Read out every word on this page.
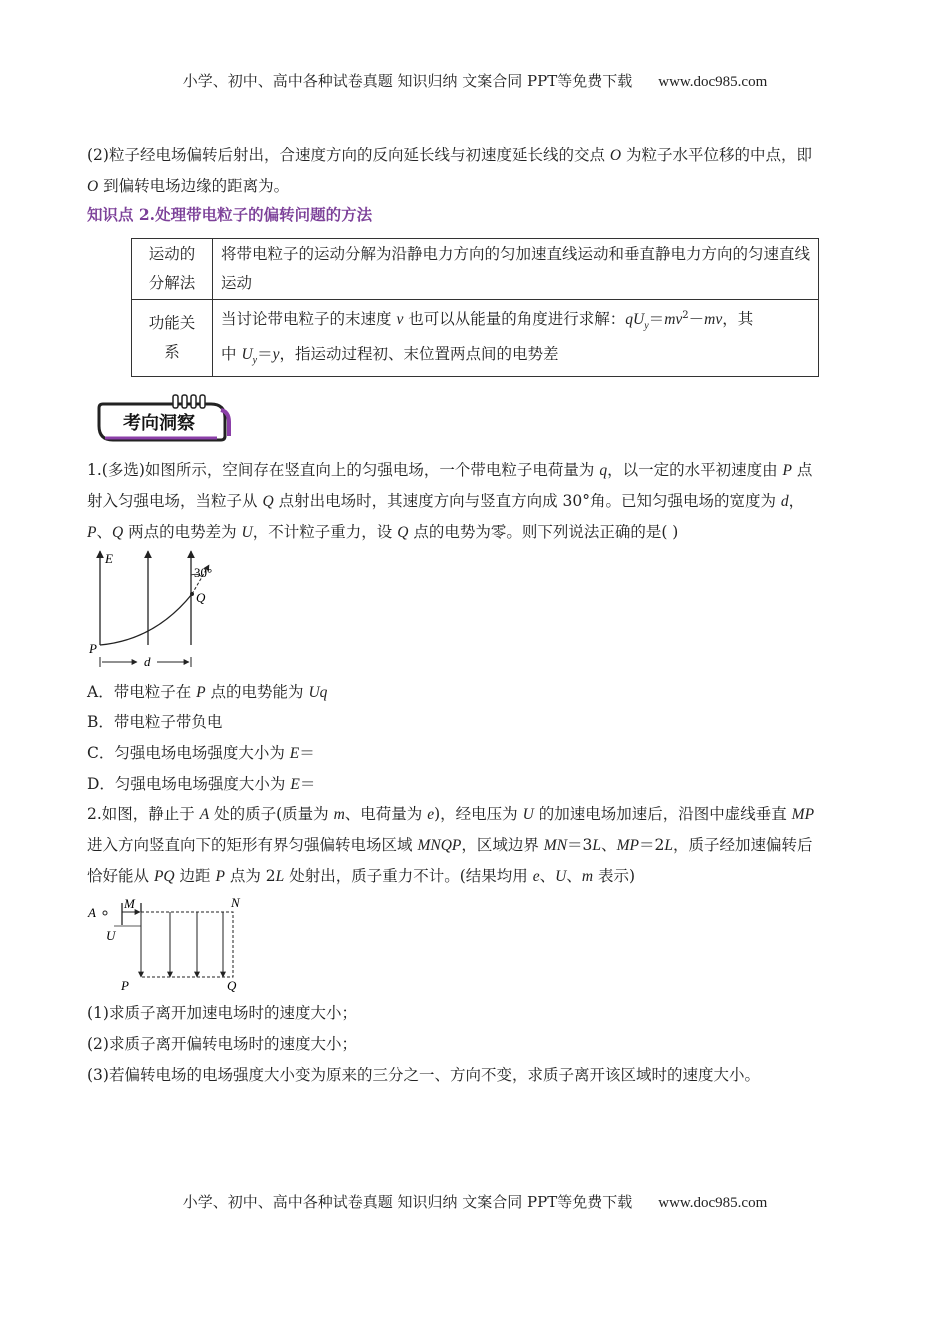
小学、初中、高中各种试卷真题 知识归纳 文案合同 PPT等免费下载 www.doc985.com

(2)粒子经电场偏转后射出，合速度方向的反向延长线与初速度延长线的交点 O 为粒子水平位移的中点，即
O 到偏转电场边缘的距离为。

知识点 2.处理带电粒子的偏转问题的方法

运动的
分解法	将带电粒子的运动分解为沿静电力方向的匀加速直线运动和垂直静电力方向的匀速直线运动
功能关
系	当讨论带电粒子的末速度 v 也可以从能量的角度进行求解：$qU_y=mv^2-mv$，其
中 $U_y=y$，指运动过程初、末位置两点间的电势差
考向洞察

1.(多选)如图所示，空间存在竖直向上的匀强电场，一个带电粒子电荷量为 q，以一定的水平初速度由 P 点
射入匀强电场，当粒子从 Q 点射出电场时，其速度方向与竖直方向成 30°角。已知匀强电场的宽度为 d，
P、Q 两点的电势差为 U，不计粒子重力，设 Q 点的电势为零。则下列说法正确的是( )

E
30°
Q
P
d

A．带电粒子在 P 点的电势能为 Uq

B．带电粒子带负电

C．匀强电场电场强度大小为 E＝

D．匀强电场电场强度大小为 E＝

2.如图，静止于 A 处的质子(质量为 m、电荷量为 e)，经电压为 U 的加速电场加速后，沿图中虚线垂直 MP
进入方向竖直向下的矩形有界匀强偏转电场区域 MNQP，区域边界 MN＝3L、MP＝2L，质子经加速偏转后
恰好能从 PQ 边距 P 点为 2L 处射出，质子重力不计。(结果均用 e、U、m 表示)

A
M	N
U
P	Q

(1)求质子离开加速电场时的速度大小；

(2)求质子离开偏转电场时的速度大小；

(3)若偏转电场的电场强度大小变为原来的三分之一、方向不变，求质子离开该区域时的速度大小。

小学、初中、高中各种试卷真题 知识归纳 文案合同 PPT等免费下载 www.doc985.com
